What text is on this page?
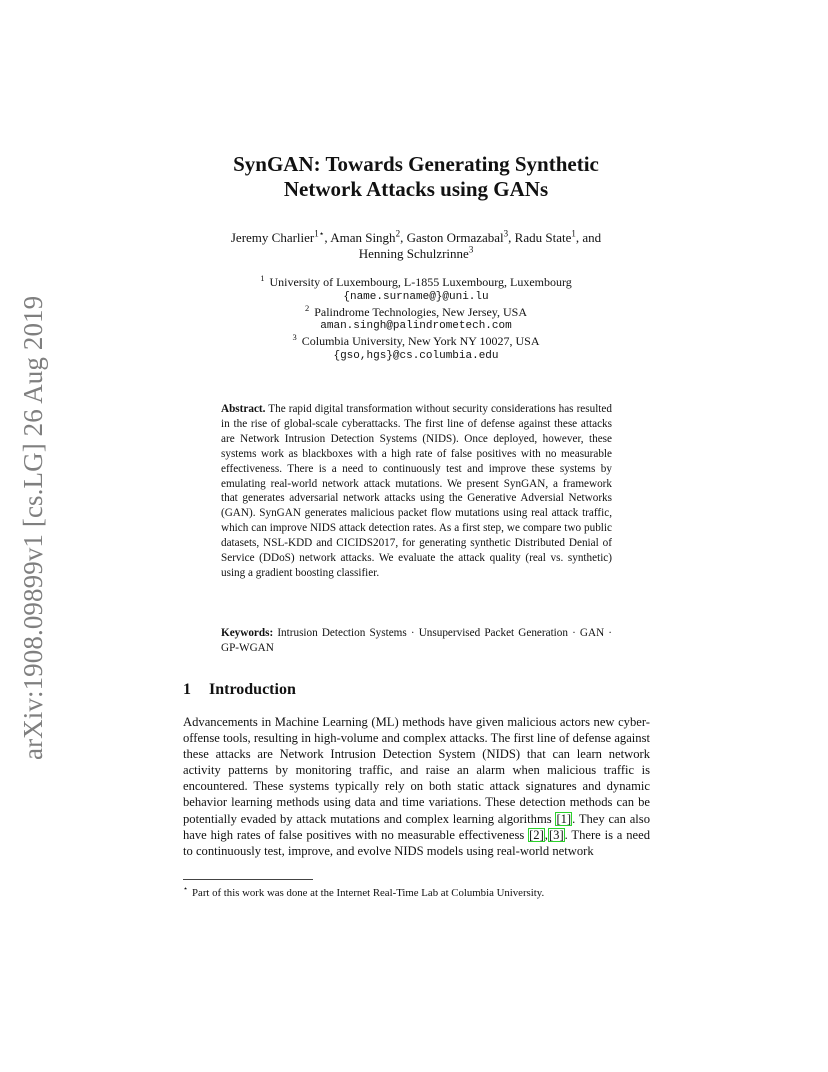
arXiv:1908.09899v1 [cs.LG] 26 Aug 2019
SynGAN: Towards Generating Synthetic
Network Attacks using GANs
Jeremy Charlier$^{1⋆}$, Aman Singh$^2$, Gaston Ormazabal$^3$, Radu State$^1$, and
Henning Schulzrinne$^3$
$^1$ University of Luxembourg, L-1855 Luxembourg, Luxembourg
{name.surname@}@uni.lu
$^2$ Palindrome Technologies, New Jersey, USA
aman.singh@palindrometech.com
$^3$ Columbia University, New York NY 10027, USA
{gso,hgs}@cs.columbia.edu
Abstract. The rapid digital transformation without security considerations has resulted in the rise of global-scale cyberattacks. The first line of defense against these attacks are Network Intrusion Detection Systems (NIDS). Once deployed, however, these systems work as blackboxes with a high rate of false positives with no measurable effectiveness. There is a need to continuously test and improve these systems by emulating real-world network attack mutations. We present SynGAN, a framework that generates adversarial network attacks using the Generative Adversial Networks (GAN). SynGAN generates malicious packet flow mutations using real attack traffic, which can improve NIDS attack detection rates. As a first step, we compare two public datasets, NSL-KDD and CICIDS2017, for generating synthetic Distributed Denial of Service (DDoS) network attacks. We evaluate the attack quality (real vs. synthetic) using a gradient boosting classifier.
Keywords: Intrusion Detection Systems · Unsupervised Packet Generation · GAN · GP-WGAN
1 Introduction
Advancements in Machine Learning (ML) methods have given malicious actors new cyber-offense tools, resulting in high-volume and complex attacks. The first line of defense against these attacks are Network Intrusion Detection System (NIDS) that can learn network activity patterns by monitoring traffic, and raise an alarm when malicious traffic is encountered. These systems typically rely on both static attack signatures and dynamic behavior learning methods using data and time variations. These detection methods can be potentially evaded by attack mutations and complex learning algorithms [1]. They can also have high rates of false positives with no measurable effectiveness [2],[3]. There is a need to continuously test, improve, and evolve NIDS models using real-world network
⋆ Part of this work was done at the Internet Real-Time Lab at Columbia University.
